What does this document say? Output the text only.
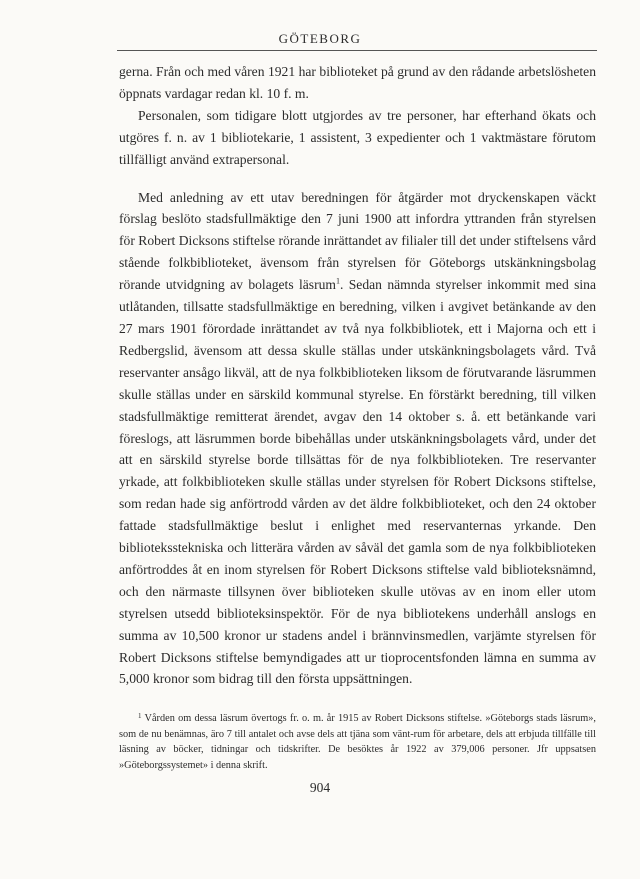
GÖTEBORG

gerna. Från och med våren 1921 har biblioteket på grund av den rådande arbetslösheten öppnats vardagar redan kl. 10 f. m.

Personalen, som tidigare blott utgjordes av tre personer, har efterhand ökats och utgöres f. n. av 1 bibliotekarie, 1 assistent, 3 expedienter och 1 vaktmästare förutom tillfälligt använd extrapersonal.

Med anledning av ett utav beredningen för åtgärder mot dryckenskapen väckt förslag beslöto stadsfullmäktige den 7 juni 1900 att infordra yttranden från styrelsen för Robert Dicksons stiftelse rörande inrättandet av filialer till det under stiftelsens vård stående folkbiblioteket, ävensom från styrelsen för Göteborgs utskänkningsbolag rörande utvidgning av bolagets läsrum$^1$. Sedan nämnda styrelser inkommit med sina utlåtanden, tillsatte stadsfullmäktige en beredning, vilken i avgivet betänkande av den 27 mars 1901 förordade inrättandet av två nya folkbibliotek, ett i Majorna och ett i Redbergslid, ävensom att dessa skulle ställas under utskänkningsbolagets vård. Två reservanter ansågo likväl, att de nya folkbiblioteken liksom de förutvarande läsrummen skulle ställas under en särskild kommunal styrelse. En förstärkt beredning, till vilken stadsfullmäktige remitterat ärendet, avgav den 14 oktober s. å. ett betänkande vari föreslogs, att läsrummen borde bibehållas under utskänkningsbolagets vård, under det att en särskild styrelse borde tillsättas för de nya folkbiblioteken. Tre reservanter yrkade, att folkbiblioteken skulle ställas under styrelsen för Robert Dicksons stiftelse, som redan hade sig anförtrodd vården av det äldre folkbiblioteket, och den 24 oktober fattade stadsfullmäktige beslut i enlighet med reservanternas yrkande. Den biblioteksstekniska och litterära vården av såväl det gamla som de nya folkbiblioteken anförtroddes åt en inom styrelsen för Robert Dicksons stiftelse vald biblioteksnämnd, och den närmaste tillsynen över biblioteken skulle utövas av en inom eller utom styrelsen utsedd biblioteksinspektör. För de nya bibliotekens underhåll anslogs en summa av 10,500 kronor ur stadens andel i brännvinsmedlen, varjämte styrelsen för Robert Dicksons stiftelse bemyndigades att ur tioprocentsfonden lämna en summa av 5,000 kronor som bidrag till den första uppsättningen.

$^1$ Vården om dessa läsrum övertogs fr. o. m. år 1915 av Robert Dicksons stiftelse. »Göteborgs stads läsrum», som de nu benämnas, äro 7 till antalet och avse dels att tjäna som vänt-rum för arbetare, dels att erbjuda tillfälle till läsning av böcker, tidningar och tidskrifter. De besöktes år 1922 av 379,006 personer. Jfr uppsatsen »Göteborgssystemet» i denna skrift.

904
